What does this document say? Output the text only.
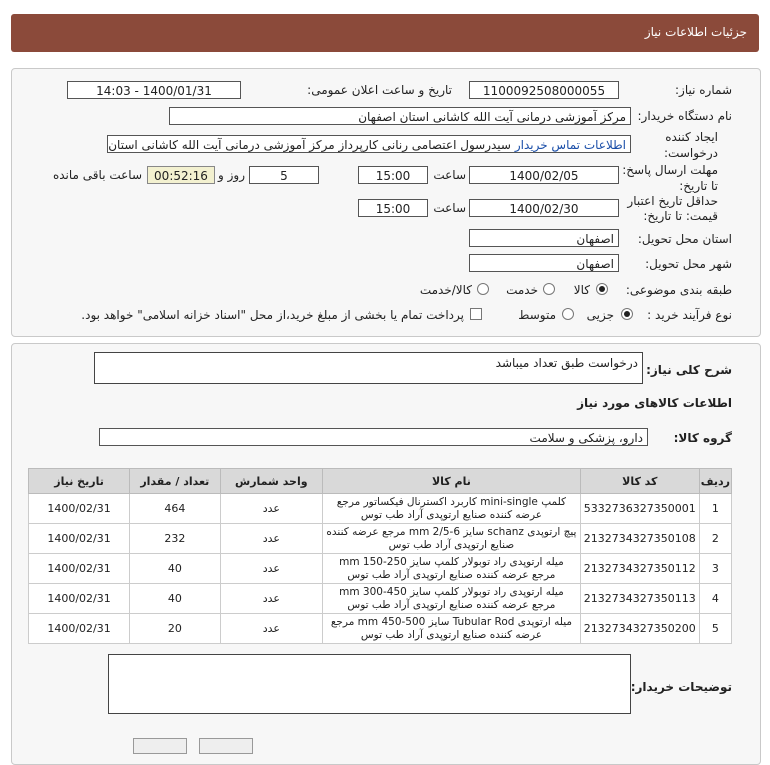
جزئیات اطلاعات نیاز
شماره نیاز:
1100092508000055
تاریخ و ساعت اعلان عمومی:
1400/01/31 - 14:03
نام دستگاه خریدار:
مرکز آموزشی درمانی آیت الله کاشانی استان اصفهان
ایجاد کننده
درخواست:
اطلاعات تماس خریدار سیدرسول اعتصامی رنانی کارپرداز مرکز آموزشی درمانی آیت الله کاشانی استان
مهلت ارسال پاسخ:
تا تاریخ:
1400/02/05
ساعت
15:00
5
روز و
00:52:16
ساعت باقی مانده
حداقل تاریخ اعتبار
قیمت: تا تاریخ:
1400/02/30
ساعت
15:00
استان محل تحویل:
اصفهان
شهر محل تحویل:
اصفهان
طبقه بندی موضوعی:
کالا
خدمت
کالا/خدمت
نوع فرآیند خرید :
جزیی
متوسط
پرداخت تمام یا بخشی از مبلغ خرید،از محل "اسناد خزانه اسلامی" خواهد بود.
شرح کلی نیاز:
درخواست طبق تعداد میباشد
اطلاعات کالاهای مورد نیاز
گروه کالا:
دارو، پزشکی و سلامت
ردیف	کد کالا	نام کالا	واحد شمارش	تعداد / مقدار	تاریخ نیاز
1	5332736327350001	کلمپ mini-single کاربرد اکسترنال فیکساتور مرجع عرضه کننده صنایع ارتوپدی آراد طب توس	عدد	464	1400/02/31
2	2132734327350108	پیچ ارتوپدی schanz سایز mm 2/5-6 مرجع عرضه کننده صنایع ارتوپدی آراد طب توس	عدد	232	1400/02/31
3	2132734327350112	میله ارتوپدی راد توبولار کلمپ سایز mm 150-250 مرجع عرضه کننده صنایع ارتوپدی آراد طب توس	عدد	40	1400/02/31
4	2132734327350113	میله ارتوپدی راد توبولار کلمپ سایز mm 300-450 مرجع عرضه کننده صنایع ارتوپدی آراد طب توس	عدد	40	1400/02/31
5	2132734327350200	میله ارتوپدی Tubular Rod سایز mm 450-500 مرجع عرضه کننده صنایع ارتوپدی آراد طب توس	عدد	20	1400/02/31
توضیحات خریدار:
